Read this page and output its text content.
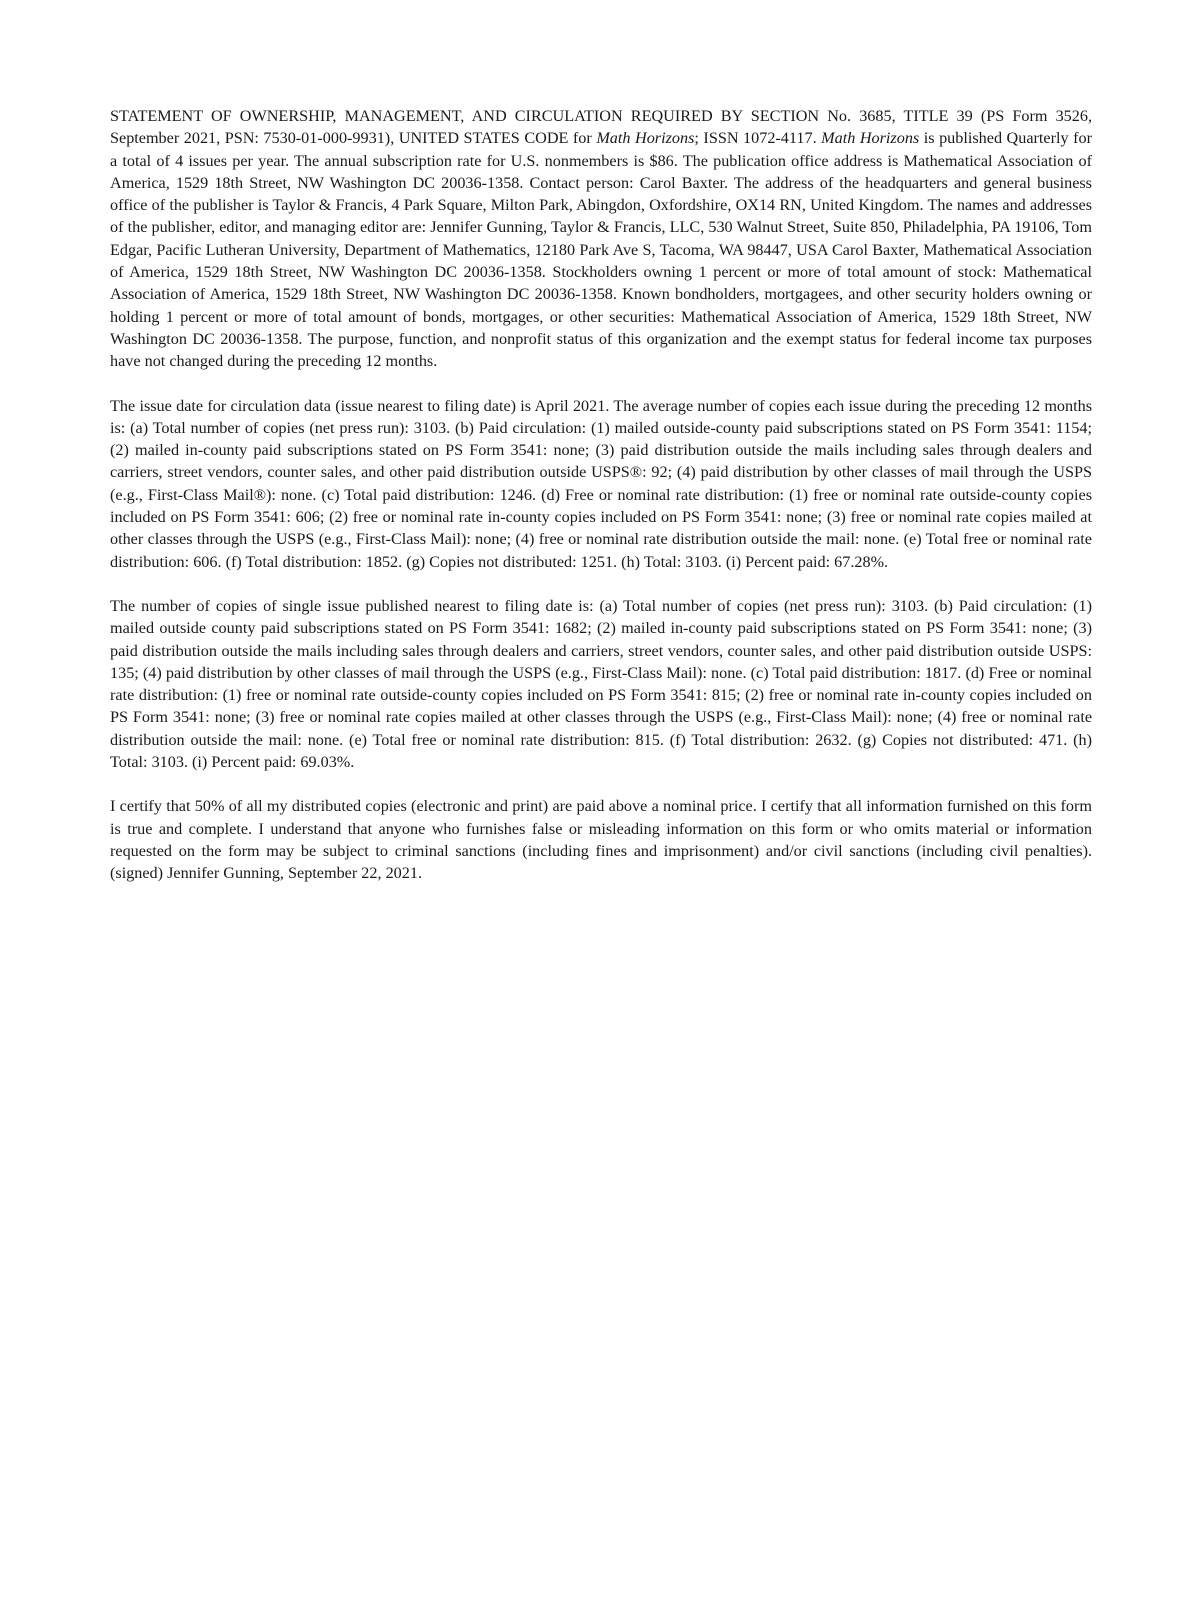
STATEMENT OF OWNERSHIP, MANAGEMENT, AND CIRCULATION REQUIRED BY SECTION No. 3685, TITLE 39 (PS Form 3526, September 2021, PSN: 7530-01-000-9931), UNITED STATES CODE for Math Horizons; ISSN 1072-4117. Math Horizons is published Quarterly for a total of 4 issues per year. The annual subscription rate for U.S. nonmembers is $86. The publication office address is Mathematical Association of America, 1529 18th Street, NW Washington DC 20036-1358. Contact person: Carol Baxter. The address of the headquarters and general business office of the publisher is Taylor & Francis, 4 Park Square, Milton Park, Abingdon, Oxfordshire, OX14 RN, United Kingdom. The names and addresses of the publisher, editor, and managing editor are: Jennifer Gunning, Taylor & Francis, LLC, 530 Walnut Street, Suite 850, Philadelphia, PA 19106, Tom Edgar, Pacific Lutheran University, Department of Mathematics, 12180 Park Ave S, Tacoma, WA 98447, USA Carol Baxter, Mathematical Association of America, 1529 18th Street, NW Washington DC 20036-1358. Stockholders owning 1 percent or more of total amount of stock: Mathematical Association of America, 1529 18th Street, NW Washington DC 20036-1358. Known bondholders, mortgagees, and other security holders owning or holding 1 percent or more of total amount of bonds, mortgages, or other securities: Mathematical Association of America, 1529 18th Street, NW Washington DC 20036-1358. The purpose, function, and nonprofit status of this organization and the exempt status for federal income tax purposes have not changed during the preceding 12 months.

The issue date for circulation data (issue nearest to filing date) is April 2021. The average number of copies each issue during the preceding 12 months is: (a) Total number of copies (net press run): 3103. (b) Paid circulation: (1) mailed outside-county paid subscriptions stated on PS Form 3541: 1154; (2) mailed in-county paid subscriptions stated on PS Form 3541: none; (3) paid distribution outside the mails including sales through dealers and carriers, street vendors, counter sales, and other paid distribution outside USPS®: 92; (4) paid distribution by other classes of mail through the USPS (e.g., First-Class Mail®): none. (c) Total paid distribution: 1246. (d) Free or nominal rate distribution: (1) free or nominal rate outside-county copies included on PS Form 3541: 606; (2) free or nominal rate in-county copies included on PS Form 3541: none; (3) free or nominal rate copies mailed at other classes through the USPS (e.g., First-Class Mail): none; (4) free or nominal rate distribution outside the mail: none. (e) Total free or nominal rate distribution: 606. (f) Total distribution: 1852. (g) Copies not distributed: 1251. (h) Total: 3103. (i) Percent paid: 67.28%.

The number of copies of single issue published nearest to filing date is: (a) Total number of copies (net press run): 3103. (b) Paid circulation: (1) mailed outside county paid subscriptions stated on PS Form 3541: 1682; (2) mailed in-county paid subscriptions stated on PS Form 3541: none; (3) paid distribution outside the mails including sales through dealers and carriers, street vendors, counter sales, and other paid distribution outside USPS: 135; (4) paid distribution by other classes of mail through the USPS (e.g., First-Class Mail): none. (c) Total paid distribution: 1817. (d) Free or nominal rate distribution: (1) free or nominal rate outside-county copies included on PS Form 3541: 815; (2) free or nominal rate in-county copies included on PS Form 3541: none; (3) free or nominal rate copies mailed at other classes through the USPS (e.g., First-Class Mail): none; (4) free or nominal rate distribution outside the mail: none. (e) Total free or nominal rate distribution: 815. (f) Total distribution: 2632. (g) Copies not distributed: 471. (h) Total: 3103. (i) Percent paid: 69.03%.

I certify that 50% of all my distributed copies (electronic and print) are paid above a nominal price. I certify that all information furnished on this form is true and complete. I understand that anyone who furnishes false or misleading information on this form or who omits material or information requested on the form may be subject to criminal sanctions (including fines and imprisonment) and/or civil sanctions (including civil penalties). (signed) Jennifer Gunning, September 22, 2021.
